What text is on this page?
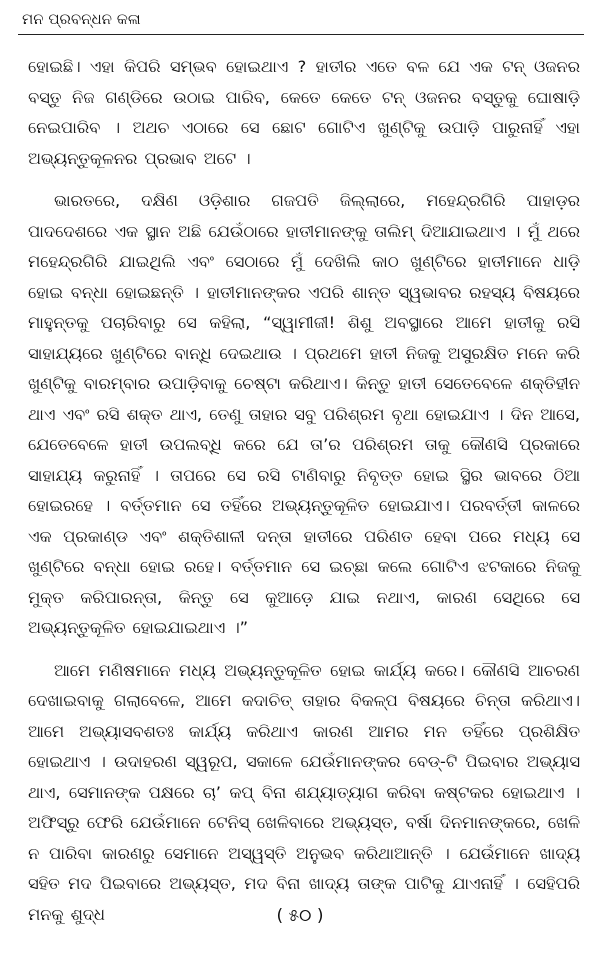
ମନ ପ୍ରବନ୍ଧନ କଳା

ହୋଇଛି। ଏହା କିପରି ସମ୍ଭବ ହୋଇଥାଏ ? ହାତୀର ଏତେ ବଳ ଯେ ଏକ ଟନ୍ ଓଜନର ବସ୍ତୁ ନିଜ ଗଣ୍ଡିରେ ଉଠାଇ ପାରିବ, କେତେ କେତେ ଟନ୍ ଓଜନର ବସ୍ତୁକୁ ଘୋଷାଡ଼ି ନେଇପାରିବ । ଅଥଚ ଏଠାରେ ସେ ଛୋଟ ଗୋଟିଏ ଖୁଣ୍ଟିକୁ ଉପାଡ଼ି ପାରୁନାହିଁ ଏହା ଅଭ୍ୟନ୍ତୁକୂଳନର ପ୍ରଭାବ ଅଟେ ।

ଭାରତରେ, ଦକ୍ଷିଣ ଓଡ଼ିଶାର ଗଜପତି ଜିଲ୍ଲାରେ, ମହେନ୍ଦ୍ରଗିରି ପାହାଡ଼ର ପାଦଦେଶରେ ଏକ ସ୍ଥାନ ଅଛି ଯେଉଁଠାରେ ହାତୀମାନଙ୍କୁ ତାଲିମ୍ ଦିଆଯାଇଥାଏ । ମୁଁ ଥରେ ମହେନ୍ଦ୍ରଗିରି ଯାଇଥିଲି ଏବଂ ସେଠାରେ ମୁଁ ଦେଖିଲି କାଠ ଖୁଣ୍ଟିରେ ହାତୀମାନେ ଧାଡ଼ି ହୋଇ ବନ୍ଧା ହୋଇଛନ୍ତି । ହାତୀମାନଙ୍କର ଏପରି ଶାନ୍ତ ସ୍ୱଭାବର ରହସ୍ୟ ବିଷୟରେ ମାହୁନ୍ତକୁ ପଚାରିବାରୁ ସେ କହିଲା, “ସ୍ୱାମୀଜୀ! ଶିଶୁ ଅବସ୍ଥାରେ ଆମେ ହାତୀକୁ ରସି ସାହାଯ୍ୟରେ ଖୁଣ୍ଟିରେ ବାନ୍ଧି ଦେଇଥାଉ । ପ୍ରଥମେ ହାତୀ ନିଜକୁ ଅସୁରକ୍ଷିତ ମନେ କରି ଖୁଣ୍ଟିକୁ ବାରମ୍ବାର ଉପାଡ଼ିବାକୁ ଚେଷ୍ଟା କରିଥାଏ। କିନ୍ତୁ ହାତୀ ସେତେବେଳେ ଶକ୍ତିହୀନ ଥାଏ ଏବଂ ରସି ଶକ୍ତ ଥାଏ, ତେଣୁ ତାହାର ସବୁ ପରିଶ୍ରମ ବୃଥା ହୋଇଯାଏ । ଦିନ ଆସେ, ଯେତେବେଳେ ହାତୀ ଉପଲବ୍ଧି କରେ ଯେ ତା’ର ପରିଶ୍ରମ ତାକୁ କୌଣସି ପ୍ରକାରେ ସାହାଯ୍ୟ କରୁନାହିଁ । ତାପରେ ସେ ରସି ଟାଣିବାରୁ ନିବୃତ୍ତ ହୋଇ ସ୍ଥିର ଭାବରେ ଠିଆ ହୋଇରହେ । ବର୍ତ୍ତମାନ ସେ ତହିଁରେ ଅଭ୍ୟନ୍ତୁକୂଳିତ ହୋଇଯାଏ। ପରବର୍ତ୍ତୀ କାଳରେ ଏକ ପ୍ରକାଣ୍ଡ ଏବଂ ଶକ୍ତିଶାଳୀ ଦନ୍ତା ହାତୀରେ ପରିଣତ ହେବା ପରେ ମଧ୍ୟ ସେ ଖୁଣ୍ଟିରେ ବନ୍ଧା ହୋଇ ରହେ। ବର୍ତ୍ତମାନ ସେ ଇଚ୍ଛା କଲେ ଗୋଟିଏ ଝଟକାରେ ନିଜକୁ ମୁକ୍ତ କରିପାରନ୍ତା, କିନ୍ତୁ ସେ କୁଆଡ଼େ ଯାଇ ନଥାଏ, କାରଣ ସେଥିରେ ସେ ଅଭ୍ୟନ୍ତୁକୂଳିତ ହୋଇଯାଇଥାଏ ।”

ଆମେ ମଣିଷମାନେ ମଧ୍ୟ ଅଭ୍ୟନ୍ତୁକୂଳିତ ହୋଇ କାର୍ଯ୍ୟ କରେ। କୌଣସି ଆଚରଣ ଦେଖାଇବାକୁ ଗଲାବେଳେ, ଆମେ କଦାଚିତ୍ ତାହାର ବିକଳ୍ପ ବିଷୟରେ ଚିନ୍ତା କରିଥାଏ। ଆମେ ଅଭ୍ୟାସବଶତଃ କାର୍ଯ୍ୟ କରିଥାଏ କାରଣ ଆମର ମନ ତହିଁରେ ପ୍ରଶିକ୍ଷିତ ହୋଇଥାଏ । ଉଦାହରଣ ସ୍ୱରୂପ, ସକାଳେ ଯେଉଁମାନଙ୍କର ବେଡ୍-ଟି ପିଇବାର ଅଭ୍ୟାସ ଥାଏ, ସେମାନଙ୍କ ପକ୍ଷରେ ଚା’ କପ୍ ବିନା ଶଯ୍ୟାତ୍ୟାଗ କରିବା କଷ୍ଟକର ହୋଇଥାଏ । ଅଫିସ୍ରୁ ଫେରି ଯେଉଁମାନେ ଟେନିସ୍ ଖେଳିବାରେ ଅଭ୍ୟସ୍ତ, ବର୍ଷା ଦିନମାନଙ୍କରେ, ଖେଳି ନ ପାରିବା କାରଣରୁ ସେମାନେ ଅସ୍ୱସ୍ତି ଅନୁଭବ କରିଥାଆନ୍ତି । ଯେଉଁମାନେ ଖାଦ୍ୟ ସହିତ ମଦ ପିଇବାରେ ଅଭ୍ୟସ୍ତ, ମଦ ବିନା ଖାଦ୍ୟ ତାଙ୍କ ପାଟିକୁ ଯାଏନାହିଁ । ସେହିପରି ମନକୁ ଶୁଦ୍ଧ	( ୫୦ )
